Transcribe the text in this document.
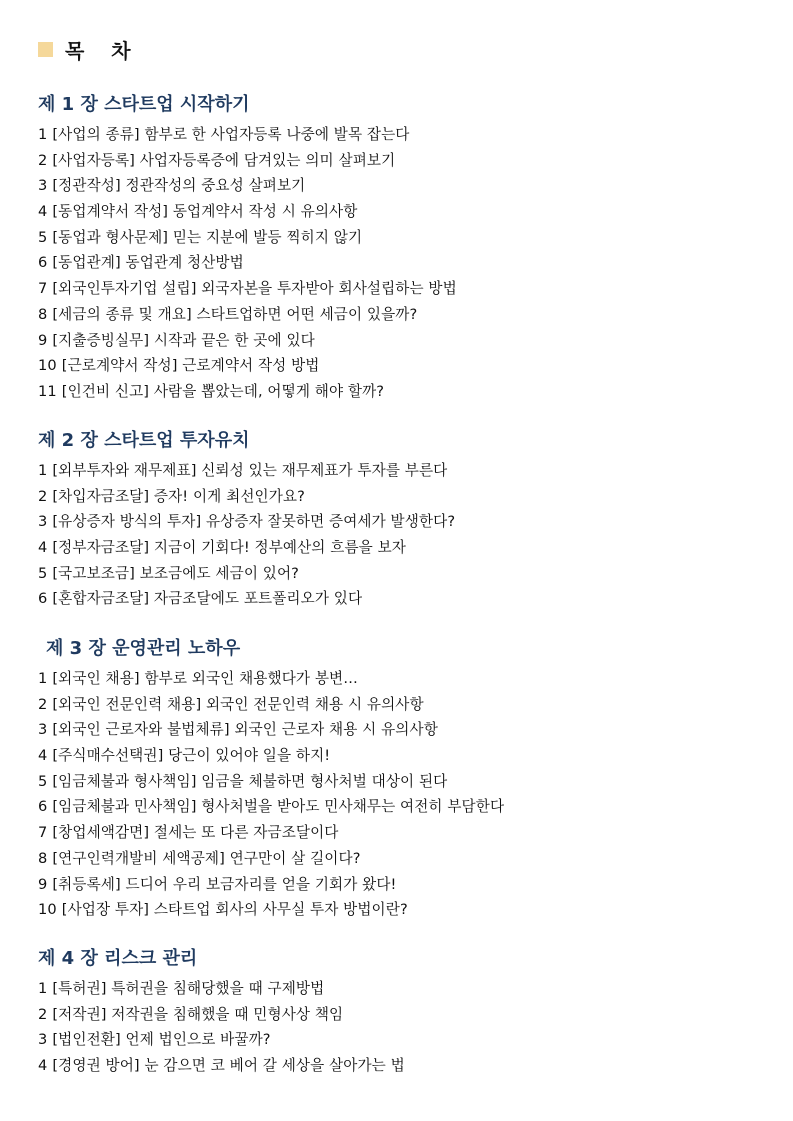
목 차
제 1 장 스타트업 시작하기
1 [사업의 종류] 함부로 한 사업자등록 나중에 발목 잡는다
2 [사업자등록] 사업자등록증에 담겨있는 의미 살펴보기
3 [정관작성] 정관작성의 중요성 살펴보기
4 [동업계약서 작성] 동업계약서 작성 시 유의사항
5 [동업과 형사문제] 믿는 지분에 발등 찍히지 않기
6 [동업관계] 동업관계 청산방법
7 [외국인투자기업 설립] 외국자본을 투자받아 회사설립하는 방법
8 [세금의 종류 및 개요] 스타트업하면 어떤 세금이 있을까?
9 [지출증빙실무] 시작과 끝은 한 곳에 있다
10 [근로계약서 작성] 근로계약서 작성 방법
11 [인건비 신고] 사람을 뽑았는데, 어떻게 해야 할까?
제 2 장 스타트업 투자유치
1 [외부투자와 재무제표] 신뢰성 있는 재무제표가 투자를 부른다
2 [차입자금조달] 증자! 이게 최선인가요?
3 [유상증자 방식의 투자] 유상증자 잘못하면 증여세가 발생한다?
4 [정부자금조달] 지금이 기회다! 정부예산의 흐름을 보자
5 [국고보조금] 보조금에도 세금이 있어?
6 [혼합자금조달] 자금조달에도 포트폴리오가 있다
제 3 장 운영관리 노하우
1 [외국인 채용] 함부로 외국인 채용했다가 봉변…
2 [외국인 전문인력 채용] 외국인 전문인력 채용 시 유의사항
3 [외국인 근로자와 불법체류] 외국인 근로자 채용 시 유의사항
4 [주식매수선택권] 당근이 있어야 일을 하지!
5 [임금체불과 형사책임] 임금을 체불하면 형사처벌 대상이 된다
6 [임금체불과 민사책임] 형사처벌을 받아도 민사채무는 여전히 부담한다
7 [창업세액감면] 절세는 또 다른 자금조달이다
8 [연구인력개발비 세액공제] 연구만이 살 길이다?
9 [취등록세] 드디어 우리 보금자리를 얻을 기회가 왔다!
10 [사업장 투자] 스타트업 회사의 사무실 투자 방법이란?
제 4 장 리스크 관리
1 [특허권] 특허권을 침해당했을 때 구제방법
2 [저작권] 저작권을 침해했을 때 민형사상 책임
3 [법인전환] 언제 법인으로 바꿀까?
4 [경영권 방어] 눈 감으면 코 베어 갈 세상을 살아가는 법
